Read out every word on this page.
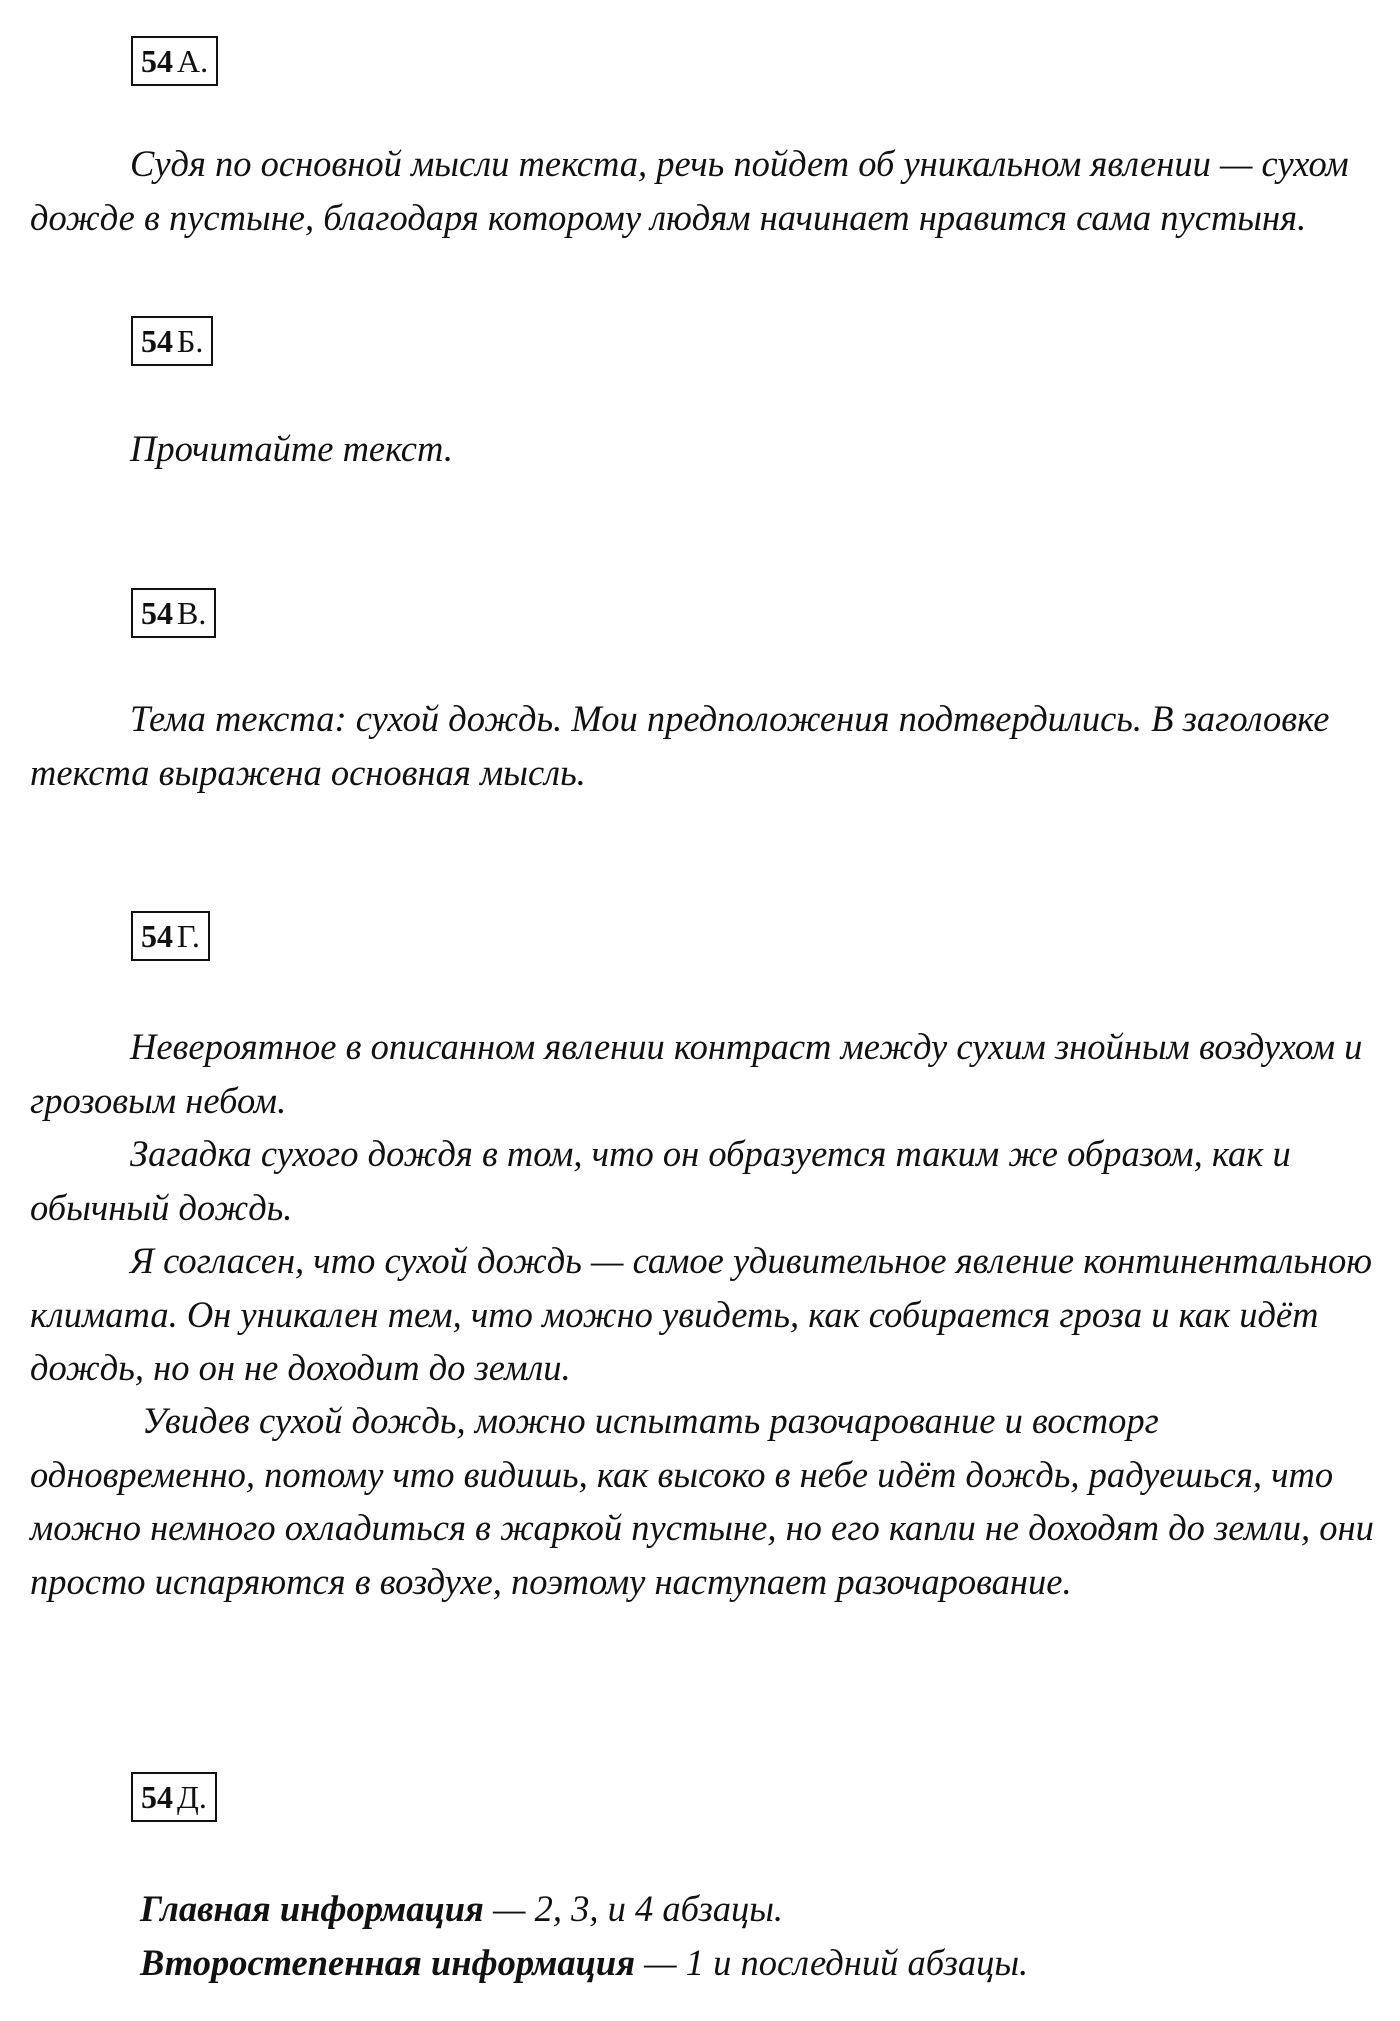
54 А.

Судя по основной мысли текста, речь пойдет об уникальном явлении — сухом дожде в пустыне, благодаря которому людям начинает нравится сама пустыня.

54 Б.

Прочитайте текст.

54 В.

Тема текста: сухой дождь. Мои предположения подтвердились. В заголовке текста выражена основная мысль.

54 Г.

Невероятное в описанном явлении контраст между сухим знойным воздухом и грозовым небом.

Загадка сухого дождя в том, что он образуется таким же образом, как и обычный дождь.

Я согласен, что сухой дождь — самое удивительное явление континентальною климата. Он уникален тем, что можно увидеть, как собирается гроза и как идёт дождь, но он не доходит до земли.

Увидев сухой дождь, можно испытать разочарование и восторг одновременно, потому что видишь, как высоко в небе идёт дождь, радуешься, что можно немного охладиться в жаркой пустыне, но его капли не доходят до земли, они просто испаряются в воздухе, поэтому наступает разочарование.

54 Д.

Главная информация — 2, 3, и 4 абзацы.

Второстепенная информация — 1 и последний абзацы.
